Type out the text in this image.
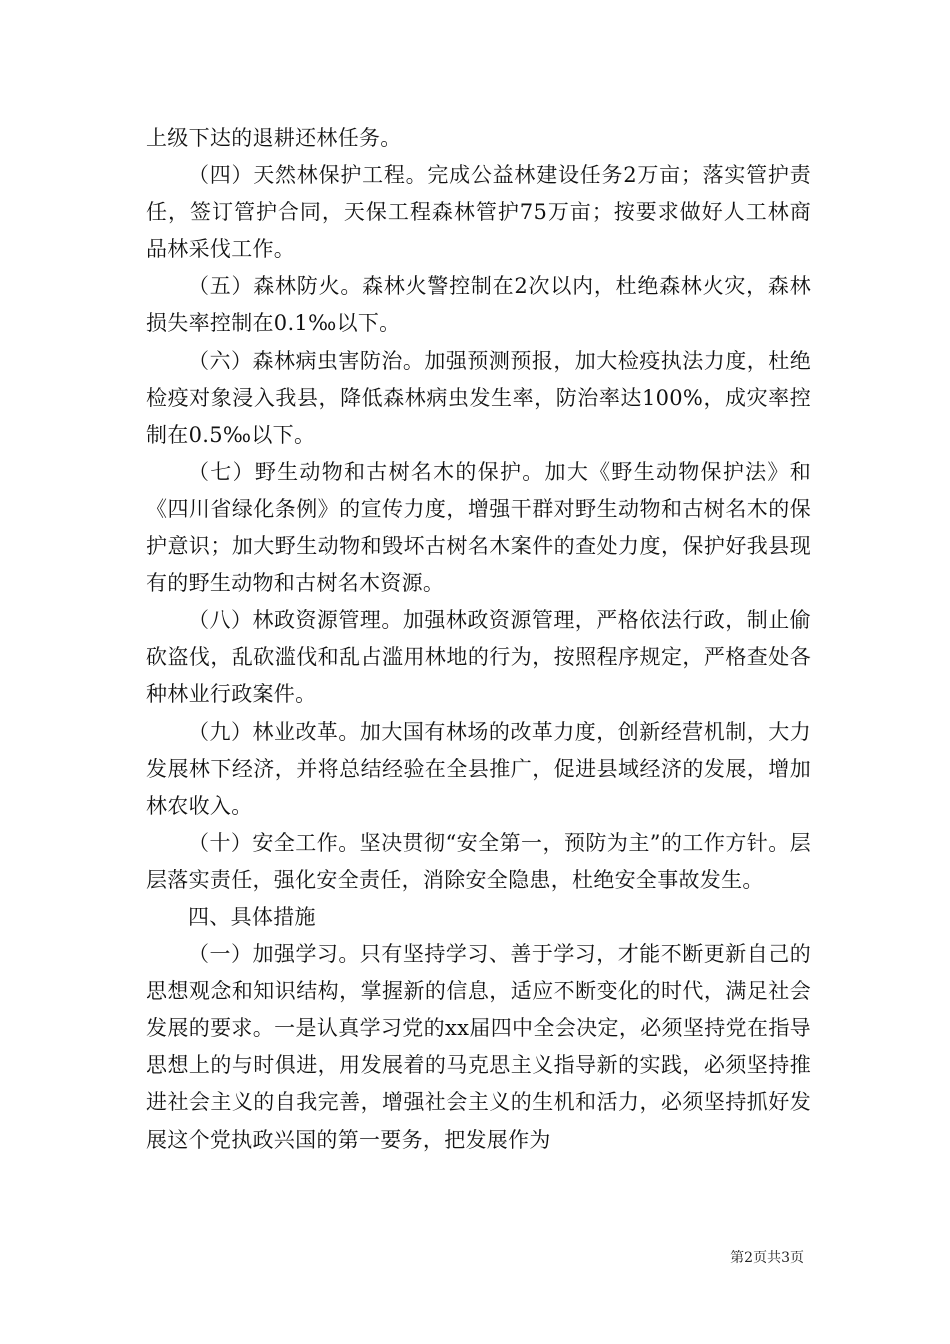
上级下达的退耕还林任务。

（四）天然林保护工程。完成公益林建设任务2万亩；落实管护责任，签订管护合同，天保工程森林管护75万亩；按要求做好人工林商品林采伐工作。

（五）森林防火。森林火警控制在2次以内，杜绝森林火灾，森林损失率控制在0.1‰以下。

（六）森林病虫害防治。加强预测预报，加大检疫执法力度，杜绝检疫对象浸入我县，降低森林病虫发生率，防治率达100%，成灾率控制在0.5‰以下。

（七）野生动物和古树名木的保护。加大《野生动物保护法》和《四川省绿化条例》的宣传力度，增强干群对野生动物和古树名木的保护意识；加大野生动物和毁坏古树名木案件的查处力度，保护好我县现有的野生动物和古树名木资源。

（八）林政资源管理。加强林政资源管理，严格依法行政，制止偷砍盗伐，乱砍滥伐和乱占滥用林地的行为，按照程序规定，严格查处各种林业行政案件。

（九）林业改革。加大国有林场的改革力度，创新经营机制，大力发展林下经济，并将总结经验在全县推广，促进县域经济的发展，增加林农收入。

（十）安全工作。坚决贯彻“安全第一，预防为主”的工作方针。层层落实责任，强化安全责任，消除安全隐患，杜绝安全事故发生。

四、具体措施

（一）加强学习。只有坚持学习、善于学习，才能不断更新自己的思想观念和知识结构，掌握新的信息，适应不断变化的时代，满足社会发展的要求。一是认真学习党的xx届四中全会决定，必须坚持党在指导思想上的与时俱进，用发展着的马克思主义指导新的实践，必须坚持推进社会主义的自我完善，增强社会主义的生机和活力，必须坚持抓好发展这个党执政兴国的第一要务，把发展作为

第2页共3页
